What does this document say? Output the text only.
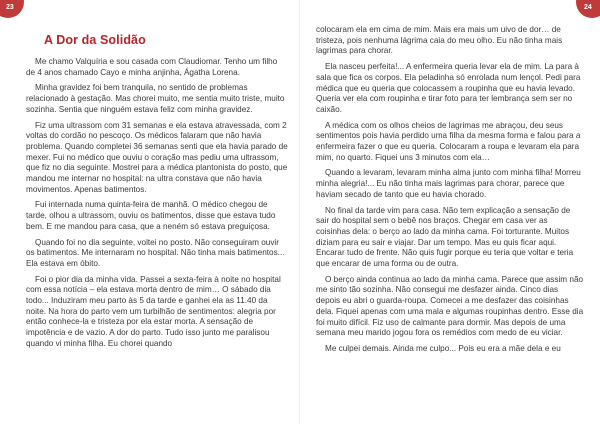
23
A Dor da Solidão

Me chamo Valquíria e sou casada com Claudiomar. Tenho um filho de 4 anos chamado Cayo e minha anjinha, Ágatha Lorena.

Minha gravidez foi bem tranquila, no sentido de problemas relacionado à gestação. Mas chorei muito, me sentia muito triste, muito sozinha. Sentia que ninguém estava feliz com minha gravidez.

Fiz uma ultrassom com 31 semanas e ela estava atravessada, com 2 voltas do cordão no pescoço. Os médicos falaram que não havia problema. Quando completei 36 semanas senti que ela havia parado de mexer. Fui no médico que ouviu o coração mas pediu uma ultrassom, que fiz no dia seguinte. Mostrei para a médica plantonista do posto, que mandou me internar no hospital: na ultra constava que não havia movimentos. Apenas batimentos.

Fui internada numa quinta-feira de manhã. O médico chegou de tarde, olhou a ultrassom, ouviu os batimentos, disse que estava tudo bem. E me mandou para casa, que a neném só estava preguiçosa.

Quando foi no dia seguinte, voltei no posto. Não conseguiram ouvir os batimentos. Me internaram no hospital. Não tinha mais batimentos... Ela estava em óbito.

Foi o pior dia da minha vida. Passei a sexta-feira à noite no hospital com essa notícia – ela estava morta dentro de mim… O sábado dia todo... Induziram meu parto às 5 da tarde e ganhei ela as 11.40 da noite. Na hora do parto vem um turbilhão de sentimentos: alegria por então conhece-la e tristeza por ela estar morta. A sensação de impotência e de vazio. A dor do parto. Tudo isso junto me paralisou quando vi minha filha. Eu chorei quando

24

colocaram ela em cima de mim. Mais era mais um uivo de dor… de tristeza, pois nenhuma lágrima caia do meu olho. Eu não tinha mais lagrimas para chorar.

Ela nasceu perfeita!... A enfermeira queria levar ela de mim. La para à sala que fica os corpos. Ela peladinha só enrolada num lençol. Pedi para médica que eu queria que colocassem a roupinha que eu havia levado. Queria ver ela com roupinha e tirar foto para ter lembrança sem ser no caixão.

A médica com os olhos cheios de lagrimas me abraçou, deu seus sentimentos pois havia perdido uma filha da mesma forma e falou para a enfermeira fazer o que eu queria. Colocaram a roupa e levaram ela para mim, no quarto. Fiquei uns 3 minutos com ela…

Quando a levaram, levaram minha alma junto com minha filha! Morreu minha alegria!... Eu não tinha mais lagrimas para chorar, parece que haviam secado de tanto que eu havia chorado.

No final da tarde vim para casa. Não tem explicação a sensação de sair do hospital sem o bebê nos braços. Chegar em casa ver as coisinhas dela: o berço ao lado da minha cama. Foi torturante. Muitos diziam para eu sair e viajar. Dar um tempo. Mas eu quis ficar aqui. Encarar tudo de frente. Não quis fugir porque eu teria que voltar e teria que encarar de uma forma ou de outra.

O berço ainda continua ao lado da minha cama. Parece que assim não me sinto tão sozinha. Não consegui me desfazer ainda. Cinco dias depois eu abri o guarda-roupa. Comecei a me desfazer das coisinhas dela. Fiquei apenas com uma mala e algumas roupinhas dentro. Esse dia foi muito difícil. Fiz uso de calmante para dormir. Mas depois de uma semana meu marido jogou fora os remédios com medo de eu viciar.

Me culpei demais. Ainda me culpo... Pois eu era a mãe dela e eu
